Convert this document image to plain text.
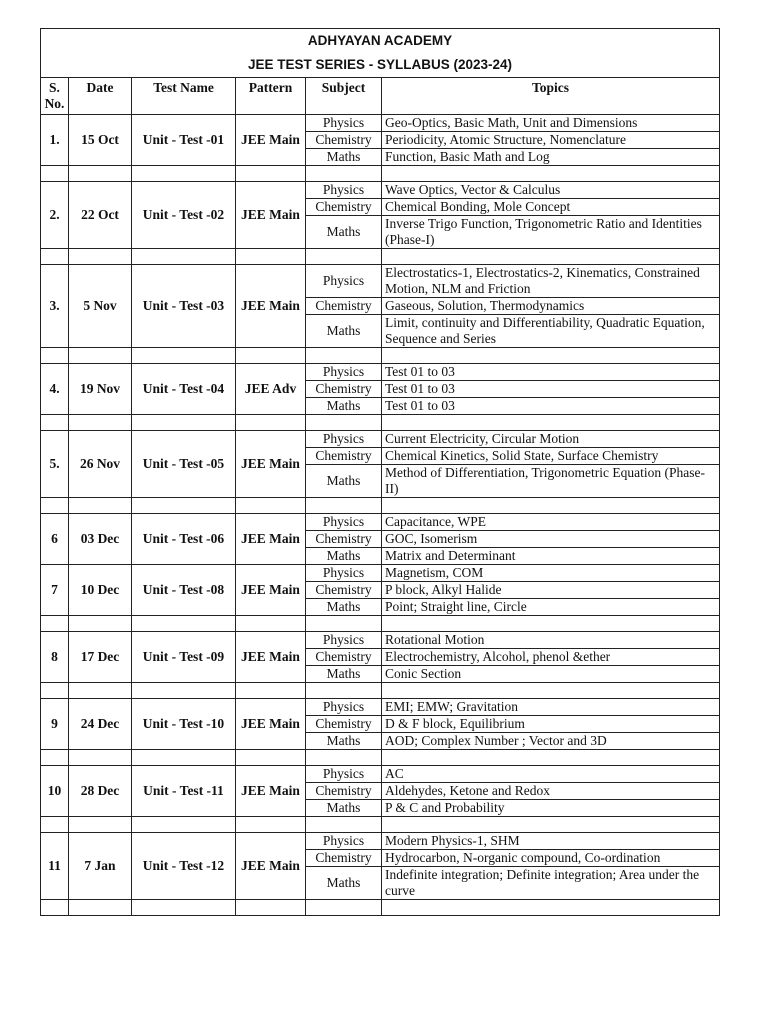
ADHYAYAN ACADEMY					
JEE TEST SERIES - SYLLABUS (2023-24)					
S. No.	Date	Test Name	Pattern	Subject	Topics
1.	15 Oct	Unit - Test -01	JEE Main	Physics	Geo-Optics, Basic Math, Unit and Dimensions
				Chemistry	Periodicity, Atomic Structure, Nomenclature
				Maths	Function, Basic Math and Log

2.	22 Oct	Unit - Test -02	JEE Main	Physics	Wave Optics, Vector & Calculus
				Chemistry	Chemical Bonding, Mole Concept
				Maths	Inverse Trigo Function, Trigonometric Ratio and Identities (Phase-I)

3.	5 Nov	Unit - Test -03	JEE Main	Physics	Electrostatics-1, Electrostatics-2, Kinematics, Constrained Motion, NLM and Friction
				Chemistry	Gaseous, Solution, Thermodynamics
				Maths	Limit, continuity and Differentiability, Quadratic Equation, Sequence and Series

4.	19 Nov	Unit - Test -04	JEE Adv	Physics	Test 01 to 03
				Chemistry	Test 01 to 03
				Maths	Test 01 to 03

5.	26 Nov	Unit - Test -05	JEE Main	Physics	Current Electricity, Circular Motion
				Chemistry	Chemical Kinetics, Solid State, Surface Chemistry
				Maths	Method of Differentiation, Trigonometric Equation (Phase-II)

6	03 Dec	Unit - Test -06	JEE Main	Physics	Capacitance, WPE
				Chemistry	GOC, Isomerism
				Maths	Matrix and Determinant
7	10 Dec	Unit - Test -08	JEE Main	Physics	Magnetism, COM
				Chemistry	P block, Alkyl Halide
				Maths	Point; Straight line, Circle

8	17 Dec	Unit - Test -09	JEE Main	Physics	Rotational Motion
				Chemistry	Electrochemistry, Alcohol, phenol &ether
				Maths	Conic Section

9	24 Dec	Unit - Test -10	JEE Main	Physics	EMI; EMW; Gravitation
				Chemistry	D & F block, Equilibrium
				Maths	AOD; Complex Number ; Vector and 3D

10	28 Dec	Unit - Test -11	JEE Main	Physics	AC
				Chemistry	Aldehydes, Ketone and Redox
				Maths	P & C and Probability

11	7 Jan	Unit - Test -12	JEE Main	Physics	Modern Physics-1, SHM
				Chemistry	Hydrocarbon, N-organic compound, Co-ordination
				Maths	Indefinite integration; Definite integration; Area under the curve
